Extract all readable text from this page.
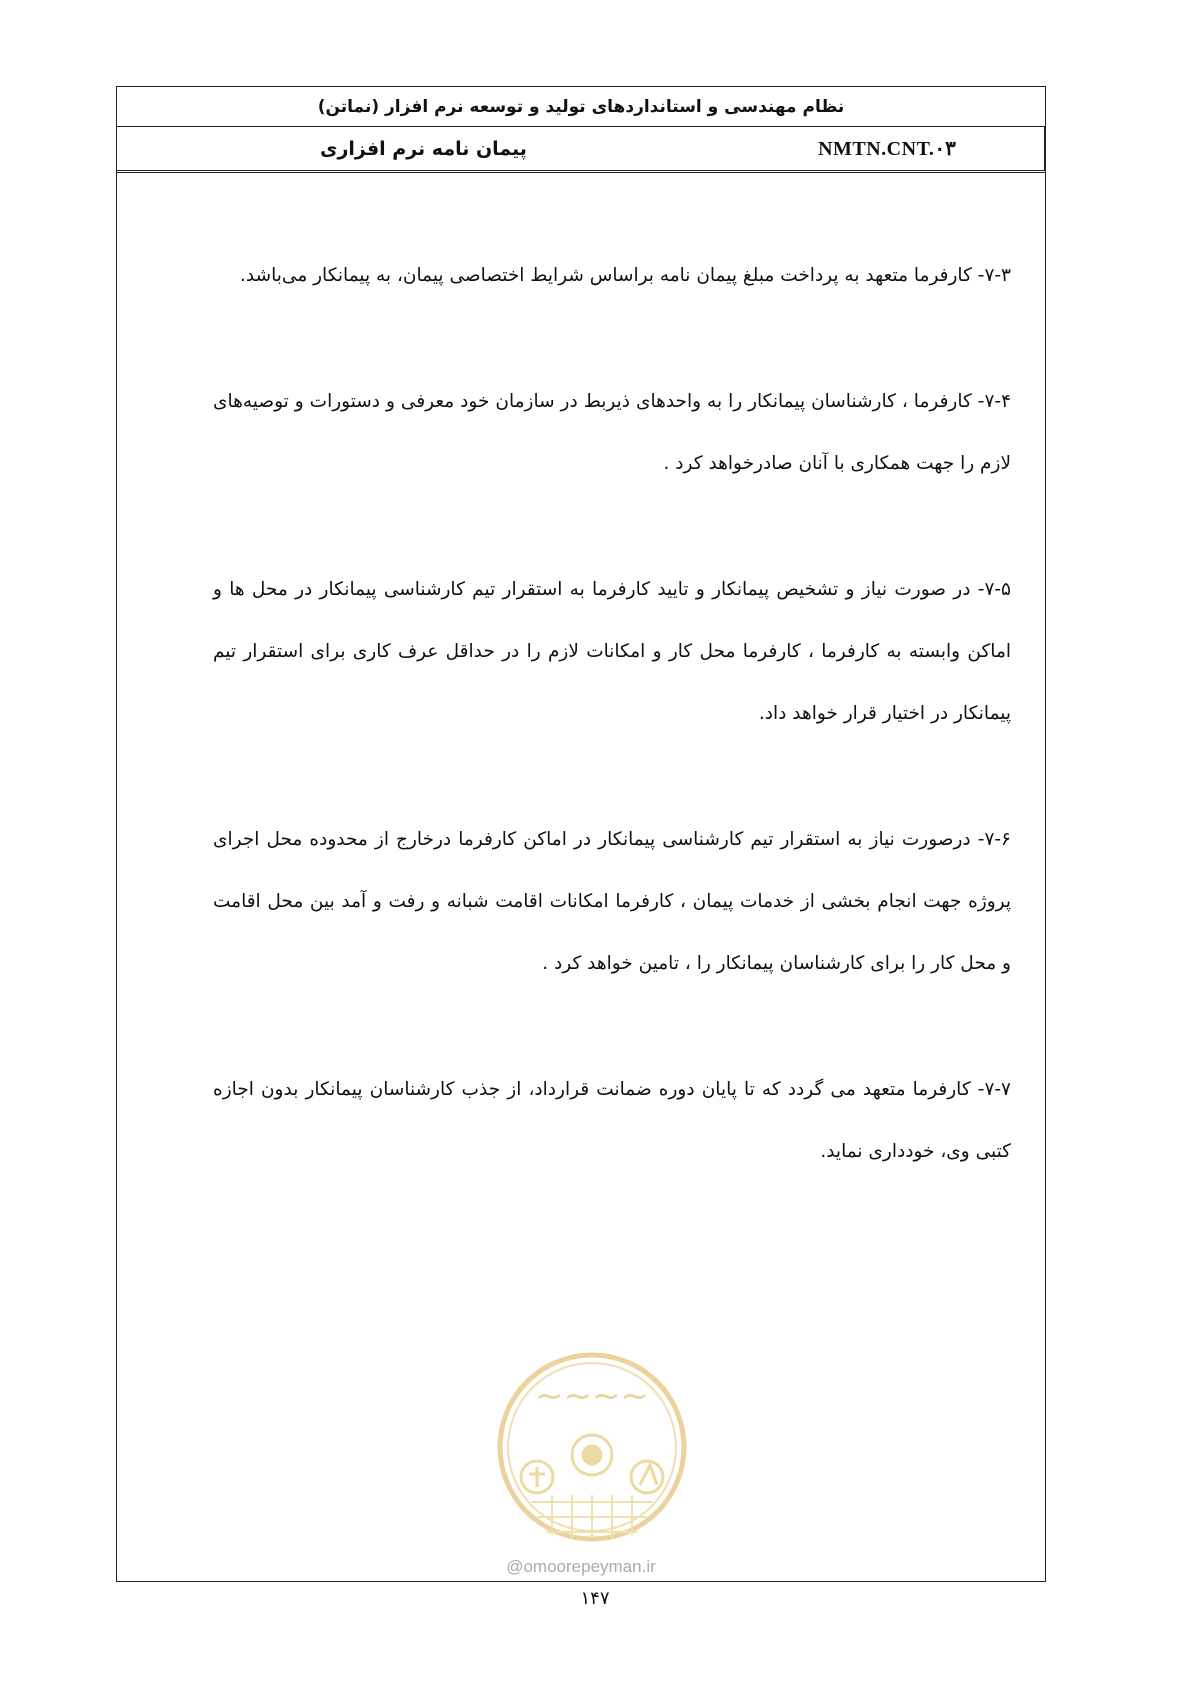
نظام مهندسی و استانداردهای تولید و توسعه نرم افزار (نماتن)
پیمان نامه نرم افزاری	NMTN.CNT.۰۳

۷-۳- کارفرما متعهد به پرداخت مبلغ پیمان نامه براساس شرایط اختصاصی پیمان، به پیمانکار می‌باشد.

۷-۴- کارفرما ، کارشناسان پیمانکار را به واحدهای ذیربط در سازمان خود معرفی و دستورات و توصیه‌های لازم را جهت همکاری با آنان صادرخواهد کرد .

۷-۵- در صورت نیاز و تشخیص پیمانکار و تایید کارفرما به استقرار تیم کارشناسی پیمانکار در محل ها و اماکن وابسته به کارفرما ، کارفرما محل کار و امکانات لازم را در حداقل عرف کاری برای استقرار تیم پیمانکار در اختیار قرار خواهد داد.

۷-۶- درصورت نیاز به استقرار تیم کارشناسی پیمانکار در اماکن کارفرما درخارج از محدوده محل اجرای پروژه جهت انجام بخشی از خدمات پیمان ، کارفرما امکانات اقامت شبانه و رفت و آمد بین محل اقامت و محل کار را برای کارشناسان پیمانکار را ، تامین خواهد کرد .

۷-۷- کارفرما متعهد می گردد که تا پایان دوره ضمانت قرارداد، از جذب کارشناسان پیمانکار بدون اجازه کتبی وی، خودداری نماید.

~~~~
@omoorepeyman.ir
۱۴۷
